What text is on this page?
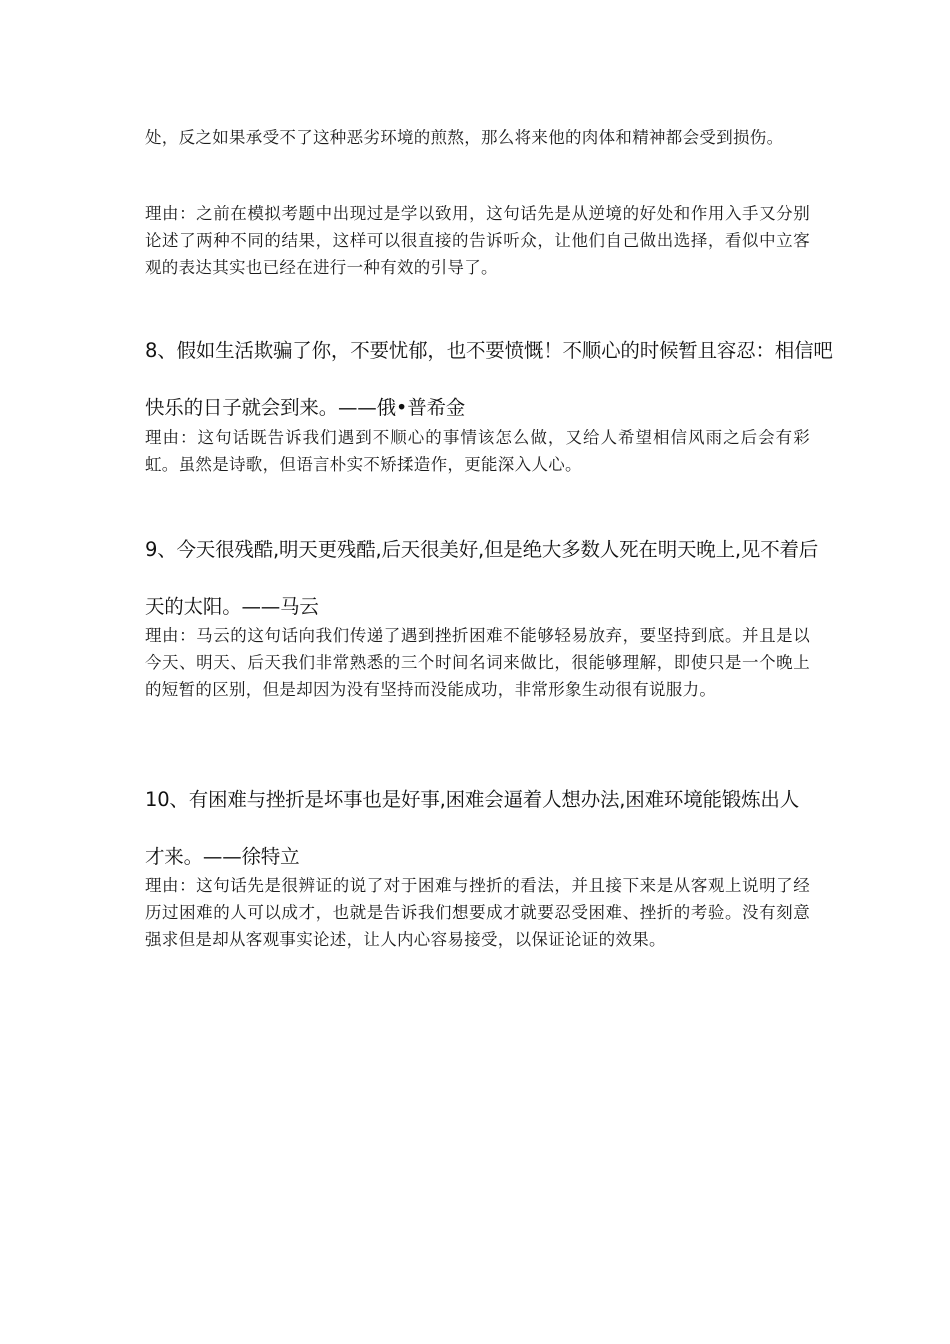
处，反之如果承受不了这种恶劣环境的煎熬，那么将来他的肉体和精神都会受到损伤。

理由：之前在模拟考题中出现过是学以致用，这句话先是从逆境的好处和作用入手又分别论述了两种不同的结果，这样可以很直接的告诉听众，让他们自己做出选择，看似中立客观的表达其实也已经在进行一种有效的引导了。

8、假如生活欺骗了你，不要忧郁，也不要愤慨！不顺心的时候暂且容忍：相信吧
快乐的日子就会到来。——俄•普希金

理由：这句话既告诉我们遇到不顺心的事情该怎么做，又给人希望相信风雨之后会有彩虹。虽然是诗歌，但语言朴实不矫揉造作，更能深入人心。

9、今天很残酷,明天更残酷,后天很美好,但是绝大多数人死在明天晚上,见不着后
天的太阳。——马云

理由：马云的这句话向我们传递了遇到挫折困难不能够轻易放弃，要坚持到底。并且是以今天、明天、后天我们非常熟悉的三个时间名词来做比，很能够理解，即使只是一个晚上的短暂的区别，但是却因为没有坚持而没能成功，非常形象生动很有说服力。

10、有困难与挫折是坏事也是好事,困难会逼着人想办法,困难环境能锻炼出人
才来。——徐特立

理由：这句话先是很辨证的说了对于困难与挫折的看法，并且接下来是从客观上说明了经历过困难的人可以成才，也就是告诉我们想要成才就要忍受困难、挫折的考验。没有刻意强求但是却从客观事实论述，让人内心容易接受，以保证论证的效果。
